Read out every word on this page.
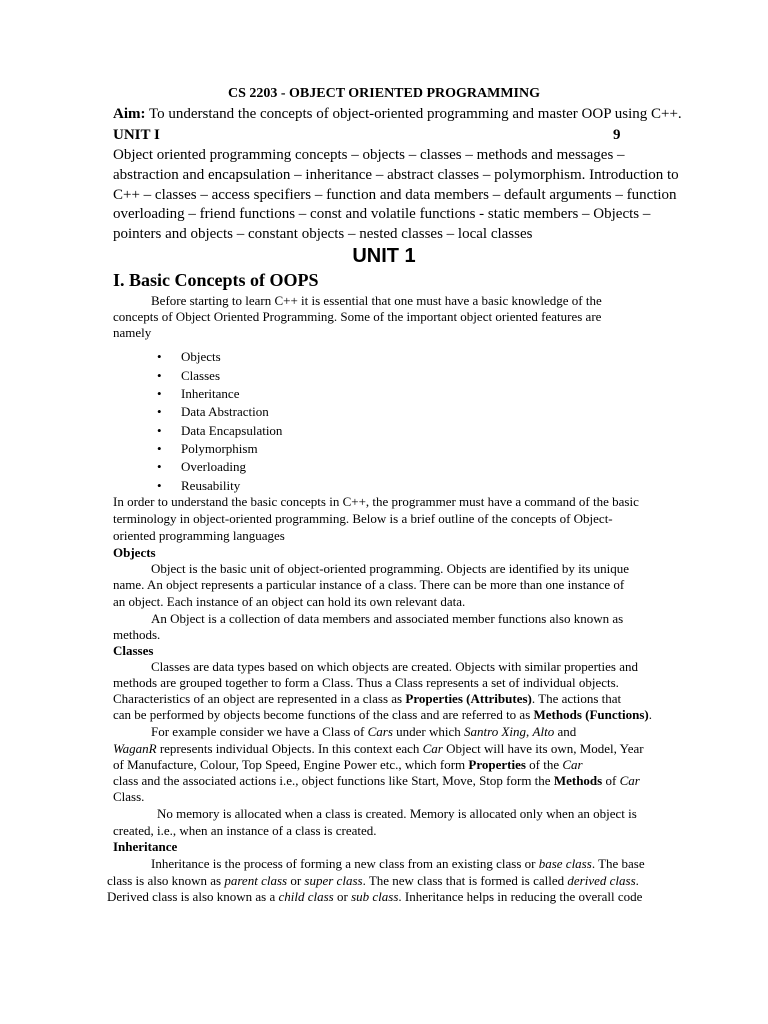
CS 2203 - OBJECT ORIENTED PROGRAMMING
Aim: To understand the concepts of object-oriented programming and master OOP using C++.
UNIT I	9
Object oriented programming concepts – objects – classes – methods and messages –
abstraction and encapsulation – inheritance – abstract classes – polymorphism. Introduction to
C++ – classes – access specifiers – function and data members – default arguments – function
overloading – friend functions – const and volatile functions - static members – Objects –
pointers and objects – constant objects – nested classes – local classes
UNIT 1
I. Basic Concepts of OOPS
Before starting to learn C++ it is essential that one must have a basic knowledge of the
concepts of Object Oriented Programming. Some of the important object oriented features are
namely
• Objects
• Classes
• Inheritance
• Data Abstraction
• Data Encapsulation
• Polymorphism
• Overloading
• Reusability
In order to understand the basic concepts in C++, the programmer must have a command of the basic
terminology in object-oriented programming. Below is a brief outline of the concepts of Object-
oriented programming languages
Objects
Object is the basic unit of object-oriented programming. Objects are identified by its unique
name. An object represents a particular instance of a class. There can be more than one instance of
an object. Each instance of an object can hold its own relevant data.
An Object is a collection of data members and associated member functions also known as
methods.
Classes
Classes are data types based on which objects are created. Objects with similar properties and
methods are grouped together to form a Class. Thus a Class represents a set of individual objects.
Characteristics of an object are represented in a class as Properties (Attributes). The actions that
can be performed by objects become functions of the class and are referred to as Methods (Functions).
For example consider we have a Class of Cars under which Santro Xing, Alto and
WaganR represents individual Objects. In this context each Car Object will have its own, Model, Year
of Manufacture, Colour, Top Speed, Engine Power etc., which form Properties of the Car
class and the associated actions i.e., object functions like Start, Move, Stop form the Methods of Car
Class.
No memory is allocated when a class is created. Memory is allocated only when an object is
created, i.e., when an instance of a class is created.
Inheritance
Inheritance is the process of forming a new class from an existing class or base class. The base
class is also known as parent class or super class. The new class that is formed is called derived class.
Derived class is also known as a child class or sub class. Inheritance helps in reducing the overall code
